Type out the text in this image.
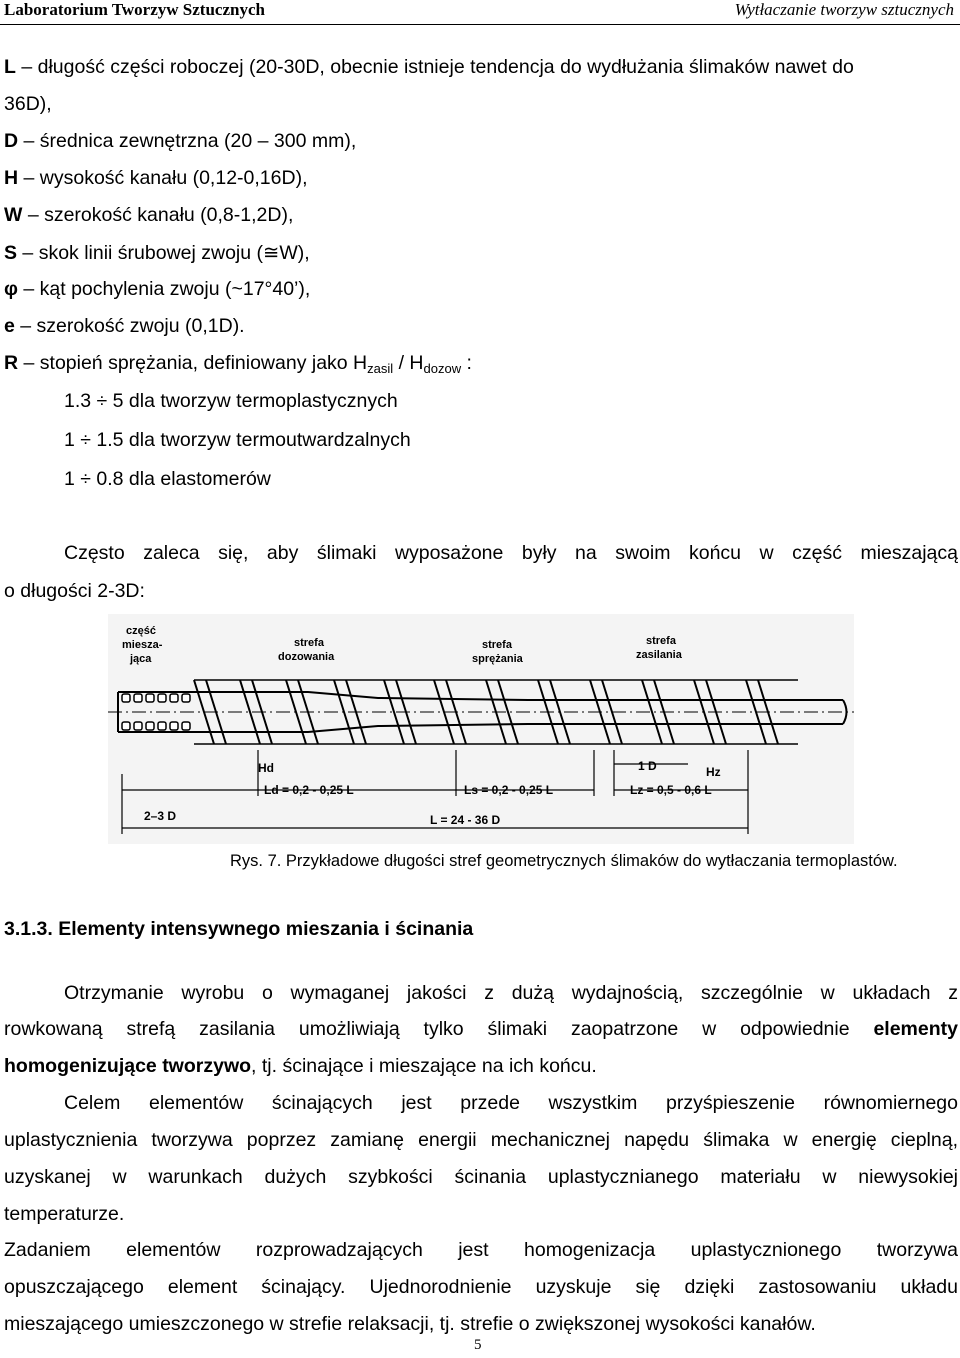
Laboratorium Tworzyw Sztucznych	Wytłaczanie tworzyw sztucznych
L – długość części roboczej (20-30D, obecnie istnieje tendencja do wydłużania ślimaków nawet do
36D),
D – średnica zewnętrzna (20 – 300 mm),
H – wysokość kanału (0,12-0,16D),
W – szerokość kanału (0,8-1,2D),
S – skok linii śrubowej zwoju (≅W),
φ – kąt pochylenia zwoju (~17°40’),
e – szerokość zwoju (0,1D).
R – stopień sprężania, definiowany jako $H_{zasil} / H_{dozow}$ :
1.3 ÷ 5 dla tworzyw termoplastycznych
1 ÷ 1.5 dla tworzyw termoutwardzalnych
1 ÷ 0.8 dla elastomerów
Często zaleca się, aby ślimaki wyposażone były na swoim końcu w część mieszającą
o długości 2-3D:
część
miesza-
jąca
strefa
dozowania
strefa
sprężania
strefa
zasilania
Hd	1 D	Hz
Ld = 0,2 - 0,25 L	Ls = 0,2 - 0,25 L	Lz = 0,5 - 0,6 L
L = 24 - 36 D
2–3 D
Rys. 7. Przykładowe długości stref geometrycznych ślimaków do wytłaczania termoplastów.
3.1.3. Elementy intensywnego mieszania i ścinania
Otrzymanie wyrobu o wymaganej jakości z dużą wydajnością, szczególnie w układach z
rowkowaną strefą zasilania umożliwiają tylko ślimaki zaopatrzone w odpowiednie elementy
homogenizujące tworzywo, tj. ścinające i mieszające na ich końcu.
Celem elementów ścinających jest przede wszystkim przyśpieszenie równomiernego
uplastycznienia tworzywa poprzez zamianę energii mechanicznej napędu ślimaka w energię cieplną,
uzyskanej w warunkach dużych szybkości ścinania uplastycznianego materiału w niewysokiej
temperaturze.
Zadaniem elementów rozprowadzających jest homogenizacja uplastycznionego tworzywa
opuszczającego element ścinający. Ujednorodnienie uzyskuje się dzięki zastosowaniu układu
mieszającego umieszczonego w strefie relaksacji, tj. strefie o zwiększonej wysokości kanałów.
5
